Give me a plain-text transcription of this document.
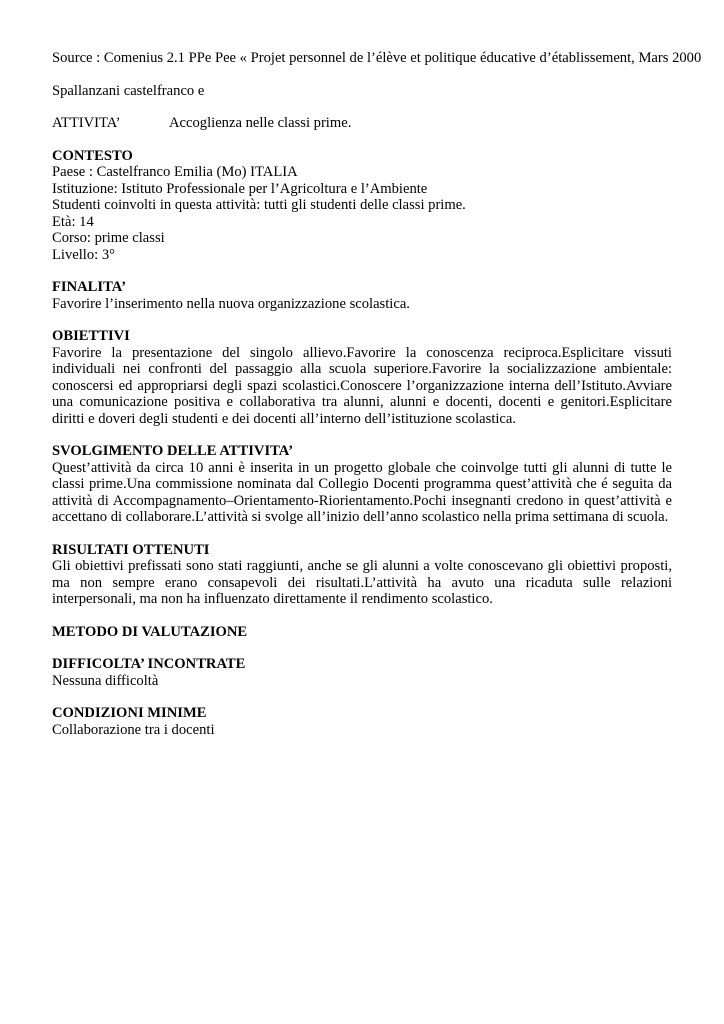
Source : Comenius 2.1 PPe Pee « Projet personnel de l’élève et politique éducative d’établissement, Mars 2000

Spallanzani castelfranco e

ATTIVITA’	Accoglienza nelle classi prime.

CONTESTO

Paese : Castelfranco Emilia (Mo) ITALIA

Istituzione: Istituto Professionale per l’Agricoltura e l’Ambiente

Studenti coinvolti in questa attività: tutti gli studenti delle classi prime.

Età: 14

Corso: prime classi

Livello: 3°

FINALITA’

Favorire l’inserimento nella nuova organizzazione scolastica.

OBIETTIVI

Favorire la presentazione del singolo allievo.Favorire la conoscenza reciproca.Esplicitare vissuti individuali nei confronti del passaggio alla scuola superiore.Favorire la socializzazione ambientale: conoscersi ed appropriarsi degli spazi scolastici.Conoscere l’organizzazione interna dell’Istituto.Avviare una comunicazione positiva e collaborativa tra alunni, alunni e docenti, docenti e genitori.Esplicitare diritti e doveri degli studenti e dei docenti all’interno dell’istituzione scolastica.

SVOLGIMENTO DELLE ATTIVITA’

Quest’attività da circa 10 anni è inserita in un progetto globale che coinvolge tutti gli alunni di tutte le classi prime.Una commissione nominata dal Collegio Docenti programma quest’attività che é seguita da attività di Accompagnamento–Orientamento-Riorientamento.Pochi insegnanti credono in quest’attività e accettano di collaborare.L’attività si svolge all’inizio dell’anno scolastico nella prima settimana di scuola.

RISULTATI OTTENUTI

Gli obiettivi prefissati sono stati raggiunti, anche se gli alunni a volte conoscevano gli obiettivi proposti, ma non sempre erano consapevoli dei risultati.L’attività ha avuto una ricaduta sulle relazioni interpersonali, ma non ha influenzato direttamente il rendimento scolastico.

METODO DI VALUTAZIONE

DIFFICOLTA’ INCONTRATE

Nessuna difficoltà

CONDIZIONI MINIME

Collaborazione tra i docenti
